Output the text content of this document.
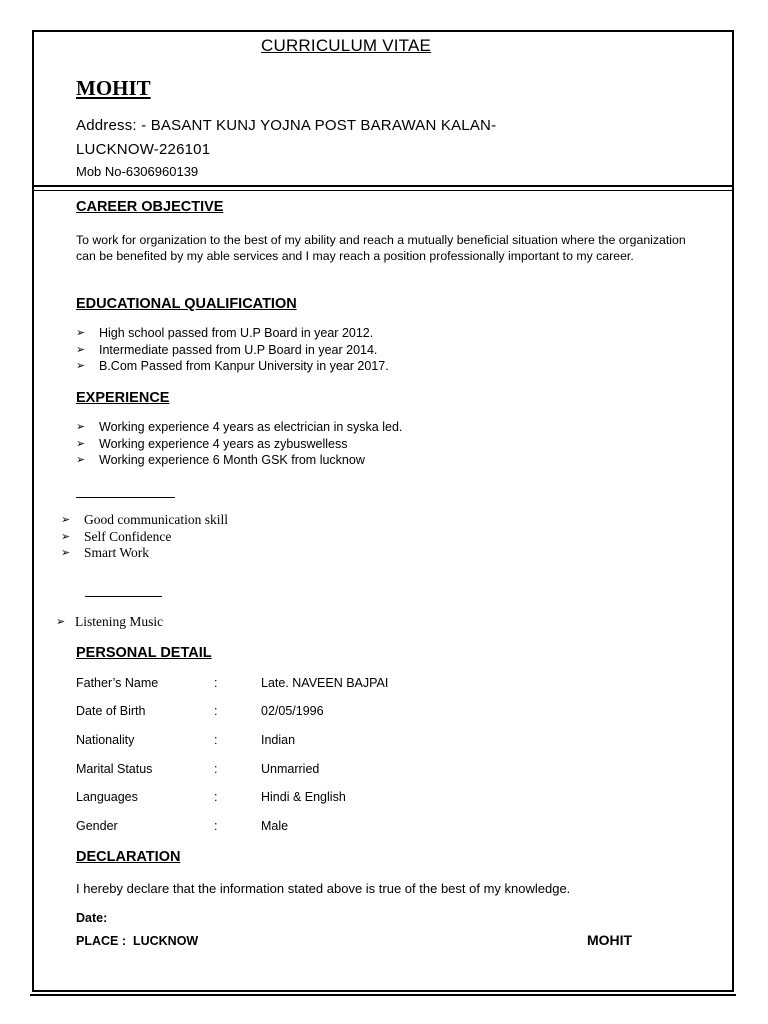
CURRICULUM VITAE
MOHIT
Address: - BASANT KUNJ YOJNA POST BARAWAN KALAN-
LUCKNOW-226101
Mob No-6306960139
CAREER OBJECTIVE
To work for organization to the best of my ability and reach a mutually beneficial situation where the organization can be benefited by my able services and I may reach a position professionally important to my career.
EDUCATIONAL QUALIFICATION
➢ High school passed from U.P Board in year 2012.
➢ Intermediate passed from U.P Board in year 2014.
➢ B.Com Passed from Kanpur University in year 2017.
EXPERIENCE
➢ Working experience 4 years as electrician in syska led.
➢ Working experience 4 years as zybuswelless
➢ Working experience 6 Month GSK from lucknow
➢ Good communication skill
➢ Self Confidence
➢ Smart Work
➢ Listening Music
PERSONAL DETAIL
Father’s Name	:	Late. NAVEEN BAJPAI
Date of Birth	:	02/05/1996
Nationality	:	Indian
Marital Status	:	Unmarried
Languages	:	Hindi & English
Gender	:	Male
DECLARATION
I hereby declare that the information stated above is true of the best of my knowledge.
Date:
PLACE :  LUCKNOW	MOHIT
